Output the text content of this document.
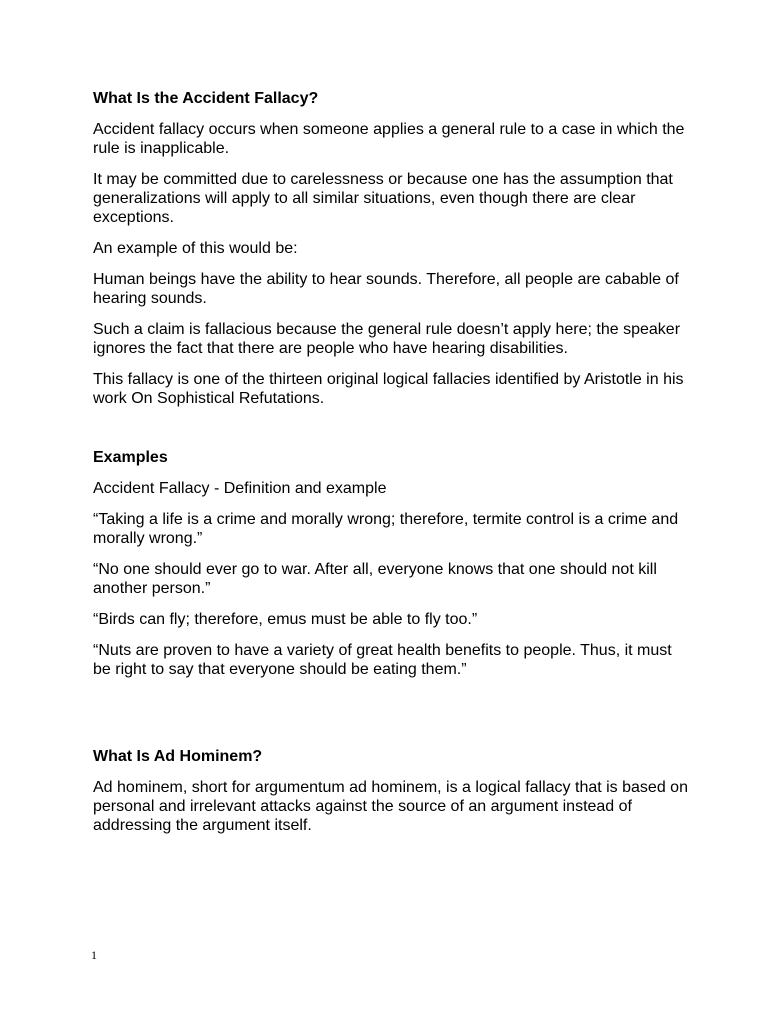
What Is the Accident Fallacy?

Accident fallacy occurs when someone applies a general rule to a case in which the rule is inapplicable.

It may be committed due to carelessness or because one has the assumption that generalizations will apply to all similar situations, even though there are clear exceptions.

An example of this would be:

Human beings have the ability to hear sounds. Therefore, all people are cabable of hearing sounds.

Such a claim is fallacious because the general rule doesn’t apply here; the speaker ignores the fact that there are people who have hearing disabilities.

This fallacy is one of the thirteen original logical fallacies identified by Aristotle in his work On Sophistical Refutations.

Examples

Accident Fallacy - Definition and example

“Taking a life is a crime and morally wrong; therefore, termite control is a crime and morally wrong.”

“No one should ever go to war. After all, everyone knows that one should not kill another person.”

“Birds can fly; therefore, emus must be able to fly too.”

“Nuts are proven to have a variety of great health benefits to people. Thus, it must be right to say that everyone should be eating them.”

What Is Ad Hominem?

Ad hominem, short for argumentum ad hominem, is a logical fallacy that is based on personal and irrelevant attacks against the source of an argument instead of addressing the argument itself.

1
